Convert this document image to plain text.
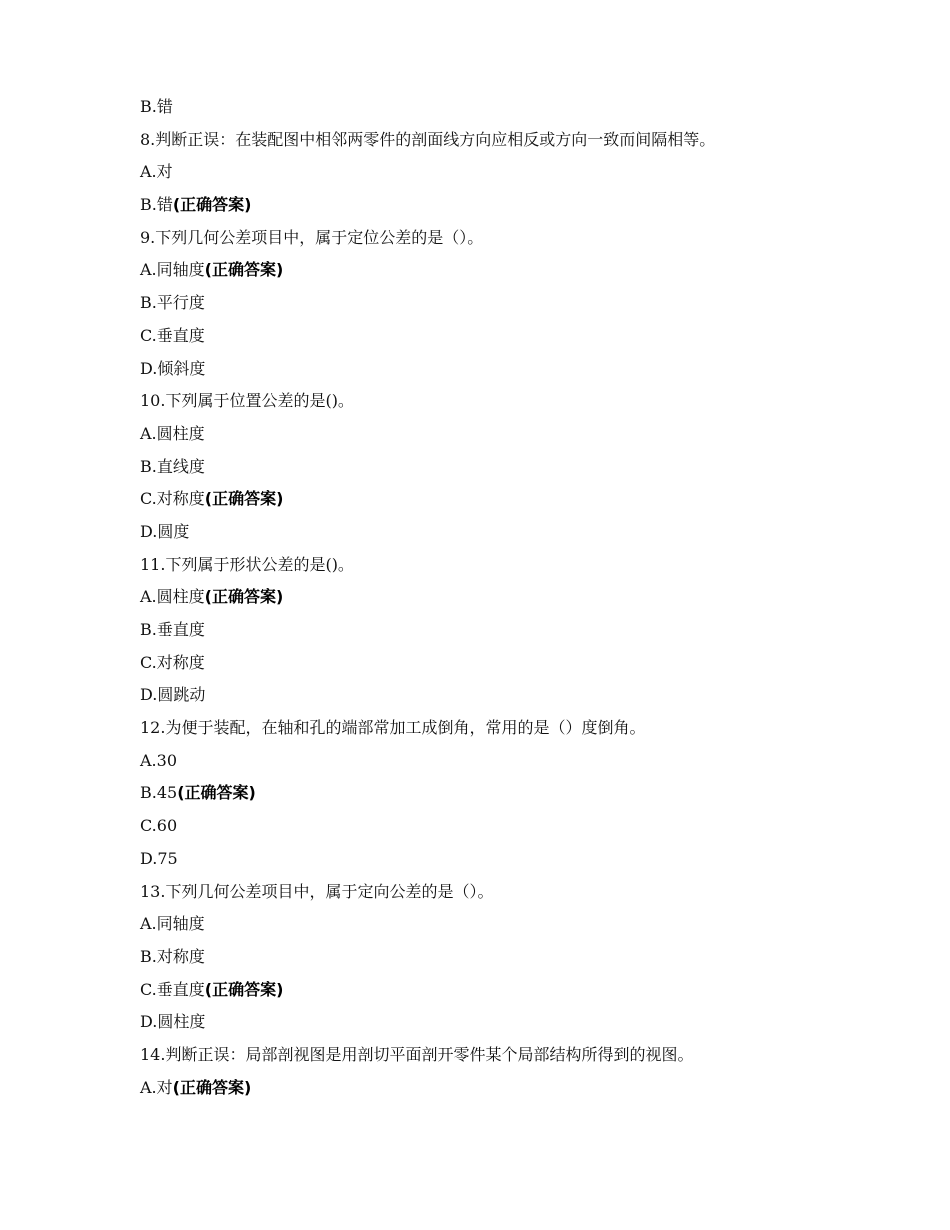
B.错
8.判断正误：在装配图中相邻两零件的剖面线方向应相反或方向一致而间隔相等。
A.对
B.错(正确答案)
9.下列几何公差项目中，属于定位公差的是（）。
A.同轴度(正确答案)
B.平行度
C.垂直度
D.倾斜度
10.下列属于位置公差的是()。
A.圆柱度
B.直线度
C.对称度(正确答案)
D.圆度
11.下列属于形状公差的是()。
A.圆柱度(正确答案)
B.垂直度
C.对称度
D.圆跳动
12.为便于装配，在轴和孔的端部常加工成倒角，常用的是（）度倒角。
A.30
B.45(正确答案)
C.60
D.75
13.下列几何公差项目中，属于定向公差的是（）。
A.同轴度
B.对称度
C.垂直度(正确答案)
D.圆柱度
14.判断正误：局部剖视图是用剖切平面剖开零件某个局部结构所得到的视图。
A.对(正确答案)
